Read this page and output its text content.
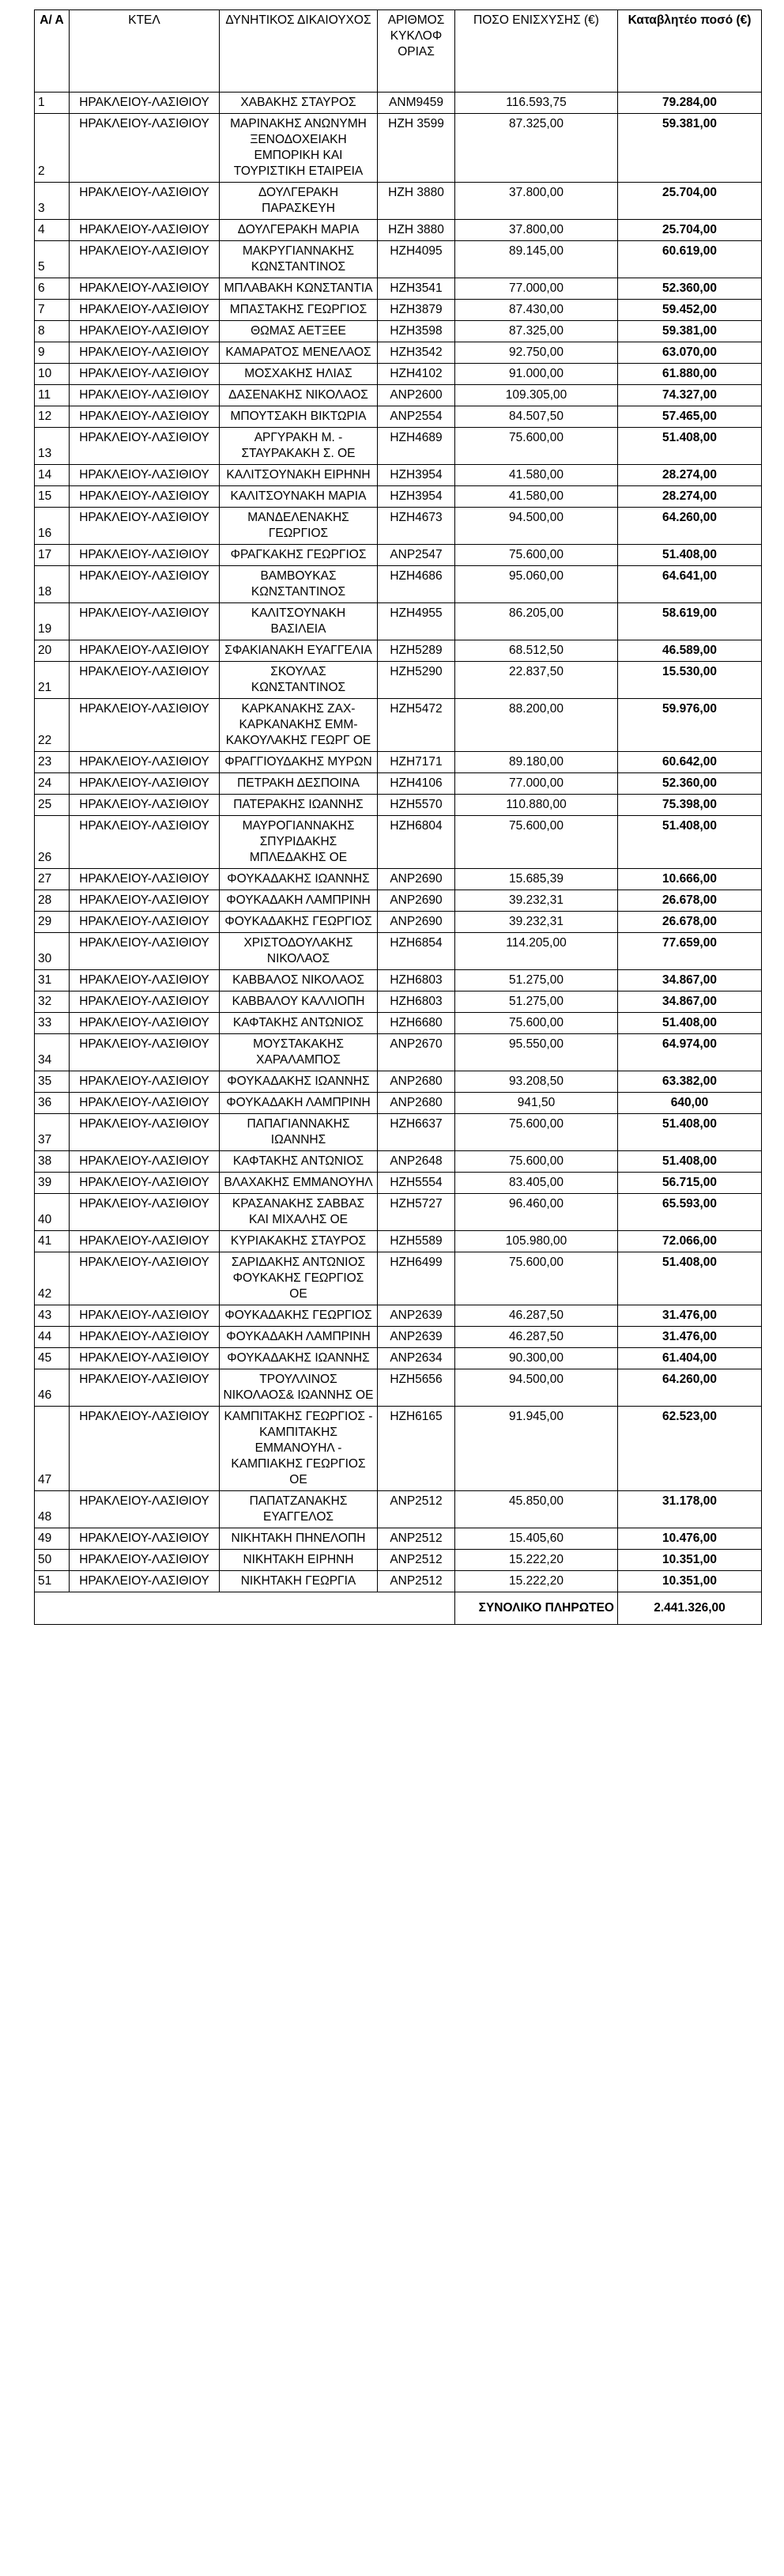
Α/ Α	ΚΤΕΛ	ΔΥΝΗΤΙΚΟΣ ΔΙΚΑΙΟΥΧΟΣ	ΑΡΙΘΜΟΣ ΚΥΚΛΟΦ ΟΡΙΑΣ	ΠΟΣΟ ΕΝΙΣΧΥΣΗΣ (€)	Καταβλητέο ποσό (€)
1	ΗΡΑΚΛΕΙΟΥ-ΛΑΣΙΘΙΟΥ	ΧΑΒΑΚΗΣ ΣΤΑΥΡΟΣ	ΑΝΜ9459	116.593,75	79.284,00
2	ΗΡΑΚΛΕΙΟΥ-ΛΑΣΙΘΙΟΥ	ΜΑΡΙΝΑΚΗΣ ΑΝΩΝΥΜΗ ΞΕΝΟΔΟΧΕΙΑΚΗ ΕΜΠΟΡΙΚΗ ΚΑΙ ΤΟΥΡΙΣΤΙΚΗ ΕΤΑΙΡΕΙΑ	ΗΖΗ 3599	87.325,00	59.381,00
3	ΗΡΑΚΛΕΙΟΥ-ΛΑΣΙΘΙΟΥ	ΔΟΥΛΓΕΡΑΚΗ ΠΑΡΑΣΚΕΥΗ	ΗΖΗ 3880	37.800,00	25.704,00
4	ΗΡΑΚΛΕΙΟΥ-ΛΑΣΙΘΙΟΥ	ΔΟΥΛΓΕΡΑΚΗ ΜΑΡΙΑ	ΗΖΗ 3880	37.800,00	25.704,00
5	ΗΡΑΚΛΕΙΟΥ-ΛΑΣΙΘΙΟΥ	ΜΑΚΡΥΓΙΑΝΝΑΚΗΣ ΚΩΝΣΤΑΝΤΙΝΟΣ	ΗΖΗ4095	89.145,00	60.619,00
6	ΗΡΑΚΛΕΙΟΥ-ΛΑΣΙΘΙΟΥ	ΜΠΛΑΒΑΚΗ ΚΩΝΣΤΑΝΤΙΑ	ΗΖΗ3541	77.000,00	52.360,00
7	ΗΡΑΚΛΕΙΟΥ-ΛΑΣΙΘΙΟΥ	ΜΠΑΣΤΑΚΗΣ ΓΕΩΡΓΙΟΣ	ΗΖΗ3879	87.430,00	59.452,00
8	ΗΡΑΚΛΕΙΟΥ-ΛΑΣΙΘΙΟΥ	ΘΩΜΑΣ ΑΕΤΞΕΕ	ΗΖΗ3598	87.325,00	59.381,00
9	ΗΡΑΚΛΕΙΟΥ-ΛΑΣΙΘΙΟΥ	ΚΑΜΑΡΑΤΟΣ ΜΕΝΕΛΑΟΣ	ΗΖΗ3542	92.750,00	63.070,00
10	ΗΡΑΚΛΕΙΟΥ-ΛΑΣΙΘΙΟΥ	ΜΟΣΧΑΚΗΣ ΗΛΙΑΣ	ΗΖΗ4102	91.000,00	61.880,00
11	ΗΡΑΚΛΕΙΟΥ-ΛΑΣΙΘΙΟΥ	ΔΑΣΕΝΑΚΗΣ ΝΙΚΟΛΑΟΣ	ΑΝΡ2600	109.305,00	74.327,00
12	ΗΡΑΚΛΕΙΟΥ-ΛΑΣΙΘΙΟΥ	ΜΠΟΥΤΣΑΚΗ ΒΙΚΤΩΡΙΑ	ΑΝΡ2554	84.507,50	57.465,00
13	ΗΡΑΚΛΕΙΟΥ-ΛΑΣΙΘΙΟΥ	ΑΡΓΥΡΑΚΗ Μ. - ΣΤΑΥΡΑΚΑΚΗ Σ. ΟΕ	ΗΖΗ4689	75.600,00	51.408,00
14	ΗΡΑΚΛΕΙΟΥ-ΛΑΣΙΘΙΟΥ	ΚΑΛΙΤΣΟΥΝΑΚΗ ΕΙΡΗΝΗ	ΗΖΗ3954	41.580,00	28.274,00
15	ΗΡΑΚΛΕΙΟΥ-ΛΑΣΙΘΙΟΥ	ΚΑΛΙΤΣΟΥΝΑΚΗ ΜΑΡΙΑ	ΗΖΗ3954	41.580,00	28.274,00
16	ΗΡΑΚΛΕΙΟΥ-ΛΑΣΙΘΙΟΥ	ΜΑΝΔΕΛΕΝΑΚΗΣ ΓΕΩΡΓΙΟΣ	ΗΖΗ4673	94.500,00	64.260,00
17	ΗΡΑΚΛΕΙΟΥ-ΛΑΣΙΘΙΟΥ	ΦΡΑΓΚΑΚΗΣ ΓΕΩΡΓΙΟΣ	ΑΝΡ2547	75.600,00	51.408,00
18	ΗΡΑΚΛΕΙΟΥ-ΛΑΣΙΘΙΟΥ	ΒΑΜΒΟΥΚΑΣ ΚΩΝΣΤΑΝΤΙΝΟΣ	ΗΖΗ4686	95.060,00	64.641,00
19	ΗΡΑΚΛΕΙΟΥ-ΛΑΣΙΘΙΟΥ	ΚΑΛΙΤΣΟΥΝΑΚΗ ΒΑΣΙΛΕΙΑ	ΗΖΗ4955	86.205,00	58.619,00
20	ΗΡΑΚΛΕΙΟΥ-ΛΑΣΙΘΙΟΥ	ΣΦΑΚΙΑΝΑΚΗ ΕΥΑΓΓΕΛΙΑ	ΗΖΗ5289	68.512,50	46.589,00
21	ΗΡΑΚΛΕΙΟΥ-ΛΑΣΙΘΙΟΥ	ΣΚΟΥΛΑΣ ΚΩΝΣΤΑΝΤΙΝΟΣ	ΗΖΗ5290	22.837,50	15.530,00
22	ΗΡΑΚΛΕΙΟΥ-ΛΑΣΙΘΙΟΥ	ΚΑΡΚΑΝΑΚΗΣ ΖΑΧ-ΚΑΡΚΑΝΑΚΗΣ ΕΜΜ-ΚΑΚΟΥΛΑΚΗΣ ΓΕΩΡΓ ΟΕ	ΗΖΗ5472	88.200,00	59.976,00
23	ΗΡΑΚΛΕΙΟΥ-ΛΑΣΙΘΙΟΥ	ΦΡΑΓΓΙΟΥΔΑΚΗΣ ΜΥΡΩΝ	ΗΖΗ7171	89.180,00	60.642,00
24	ΗΡΑΚΛΕΙΟΥ-ΛΑΣΙΘΙΟΥ	ΠΕΤΡΑΚΗ ΔΕΣΠΟΙΝΑ	ΗΖΗ4106	77.000,00	52.360,00
25	ΗΡΑΚΛΕΙΟΥ-ΛΑΣΙΘΙΟΥ	ΠΑΤΕΡΑΚΗΣ ΙΩΑΝΝΗΣ	ΗΖΗ5570	110.880,00	75.398,00
26	ΗΡΑΚΛΕΙΟΥ-ΛΑΣΙΘΙΟΥ	ΜΑΥΡΟΓΙΑΝΝΑΚΗΣ ΣΠΥΡΙΔΑΚΗΣ ΜΠΛΕΔΑΚΗΣ ΟΕ	ΗΖΗ6804	75.600,00	51.408,00
27	ΗΡΑΚΛΕΙΟΥ-ΛΑΣΙΘΙΟΥ	ΦΟΥΚΑΔΑΚΗΣ ΙΩΑΝΝΗΣ	ΑΝΡ2690	15.685,39	10.666,00
28	ΗΡΑΚΛΕΙΟΥ-ΛΑΣΙΘΙΟΥ	ΦΟΥΚΑΔΑΚΗ ΛΑΜΠΡΙΝΗ	ΑΝΡ2690	39.232,31	26.678,00
29	ΗΡΑΚΛΕΙΟΥ-ΛΑΣΙΘΙΟΥ	ΦΟΥΚΑΔΑΚΗΣ ΓΕΩΡΓΙΟΣ	ΑΝΡ2690	39.232,31	26.678,00
30	ΗΡΑΚΛΕΙΟΥ-ΛΑΣΙΘΙΟΥ	ΧΡΙΣΤΟΔΟΥΛΑΚΗΣ ΝΙΚΟΛΑΟΣ	ΗΖΗ6854	114.205,00	77.659,00
31	ΗΡΑΚΛΕΙΟΥ-ΛΑΣΙΘΙΟΥ	ΚΑΒΒΑΛΟΣ ΝΙΚΟΛΑΟΣ	ΗΖΗ6803	51.275,00	34.867,00
32	ΗΡΑΚΛΕΙΟΥ-ΛΑΣΙΘΙΟΥ	ΚΑΒΒΑΛΟΥ ΚΑΛΛΙΟΠΗ	ΗΖΗ6803	51.275,00	34.867,00
33	ΗΡΑΚΛΕΙΟΥ-ΛΑΣΙΘΙΟΥ	ΚΑΦΤΑΚΗΣ ΑΝΤΩΝΙΟΣ	ΗΖΗ6680	75.600,00	51.408,00
34	ΗΡΑΚΛΕΙΟΥ-ΛΑΣΙΘΙΟΥ	ΜΟΥΣΤΑΚΑΚΗΣ ΧΑΡΑΛΑΜΠΟΣ	ΑΝΡ2670	95.550,00	64.974,00
35	ΗΡΑΚΛΕΙΟΥ-ΛΑΣΙΘΙΟΥ	ΦΟΥΚΑΔΑΚΗΣ ΙΩΑΝΝΗΣ	ΑΝΡ2680	93.208,50	63.382,00
36	ΗΡΑΚΛΕΙΟΥ-ΛΑΣΙΘΙΟΥ	ΦΟΥΚΑΔΑΚΗ ΛΑΜΠΡΙΝΗ	ΑΝΡ2680	941,50	640,00
37	ΗΡΑΚΛΕΙΟΥ-ΛΑΣΙΘΙΟΥ	ΠΑΠΑΓΙΑΝΝΑΚΗΣ ΙΩΑΝΝΗΣ	ΗΖΗ6637	75.600,00	51.408,00
38	ΗΡΑΚΛΕΙΟΥ-ΛΑΣΙΘΙΟΥ	ΚΑΦΤΑΚΗΣ ΑΝΤΩΝΙΟΣ	ΑΝΡ2648	75.600,00	51.408,00
39	ΗΡΑΚΛΕΙΟΥ-ΛΑΣΙΘΙΟΥ	ΒΛΑΧΑΚΗΣ ΕΜΜΑΝΟΥΗΛ	ΗΖΗ5554	83.405,00	56.715,00
40	ΗΡΑΚΛΕΙΟΥ-ΛΑΣΙΘΙΟΥ	ΚΡΑΣΑΝΑΚΗΣ ΣΑΒΒΑΣ ΚΑΙ ΜΙΧΑΛΗΣ ΟΕ	ΗΖΗ5727	96.460,00	65.593,00
41	ΗΡΑΚΛΕΙΟΥ-ΛΑΣΙΘΙΟΥ	ΚΥΡΙΑΚΑΚΗΣ ΣΤΑΥΡΟΣ	ΗΖΗ5589	105.980,00	72.066,00
42	ΗΡΑΚΛΕΙΟΥ-ΛΑΣΙΘΙΟΥ	ΣΑΡΙΔΑΚΗΣ ΑΝΤΩΝΙΟΣ ΦΟΥΚΑΚΗΣ ΓΕΩΡΓΙΟΣ ΟΕ	ΗΖΗ6499	75.600,00	51.408,00
43	ΗΡΑΚΛΕΙΟΥ-ΛΑΣΙΘΙΟΥ	ΦΟΥΚΑΔΑΚΗΣ ΓΕΩΡΓΙΟΣ	ΑΝΡ2639	46.287,50	31.476,00
44	ΗΡΑΚΛΕΙΟΥ-ΛΑΣΙΘΙΟΥ	ΦΟΥΚΑΔΑΚΗ ΛΑΜΠΡΙΝΗ	ΑΝΡ2639	46.287,50	31.476,00
45	ΗΡΑΚΛΕΙΟΥ-ΛΑΣΙΘΙΟΥ	ΦΟΥΚΑΔΑΚΗΣ ΙΩΑΝΝΗΣ	ΑΝΡ2634	90.300,00	61.404,00
46	ΗΡΑΚΛΕΙΟΥ-ΛΑΣΙΘΙΟΥ	ΤΡΟΥΛΛΙΝΟΣ ΝΙΚΟΛΑΟΣ& ΙΩΑΝΝΗΣ ΟΕ	ΗΖΗ5656	94.500,00	64.260,00
47	ΗΡΑΚΛΕΙΟΥ-ΛΑΣΙΘΙΟΥ	ΚΑΜΠΙΤΑΚΗΣ ΓΕΩΡΓΙΟΣ - ΚΑΜΠΙΤΑΚΗΣ ΕΜΜΑΝΟΥΗΛ - ΚΑΜΠΙΑΚΗΣ ΓΕΩΡΓΙΟΣ ΟΕ	ΗΖΗ6165	91.945,00	62.523,00
48	ΗΡΑΚΛΕΙΟΥ-ΛΑΣΙΘΙΟΥ	ΠΑΠΑΤΖΑΝΑΚΗΣ ΕΥΑΓΓΕΛΟΣ	ΑΝΡ2512	45.850,00	31.178,00
49	ΗΡΑΚΛΕΙΟΥ-ΛΑΣΙΘΙΟΥ	ΝΙΚΗΤΑΚΗ ΠΗΝΕΛΟΠΗ	ΑΝΡ2512	15.405,60	10.476,00
50	ΗΡΑΚΛΕΙΟΥ-ΛΑΣΙΘΙΟΥ	ΝΙΚΗΤΑΚΗ ΕΙΡΗΝΗ	ΑΝΡ2512	15.222,20	10.351,00
51	ΗΡΑΚΛΕΙΟΥ-ΛΑΣΙΘΙΟΥ	ΝΙΚΗΤΑΚΗ ΓΕΩΡΓΙΑ	ΑΝΡ2512	15.222,20	10.351,00
				ΣΥΝΟΛΙΚΟ ΠΛΗΡΩΤΕΟ	2.441.326,00
